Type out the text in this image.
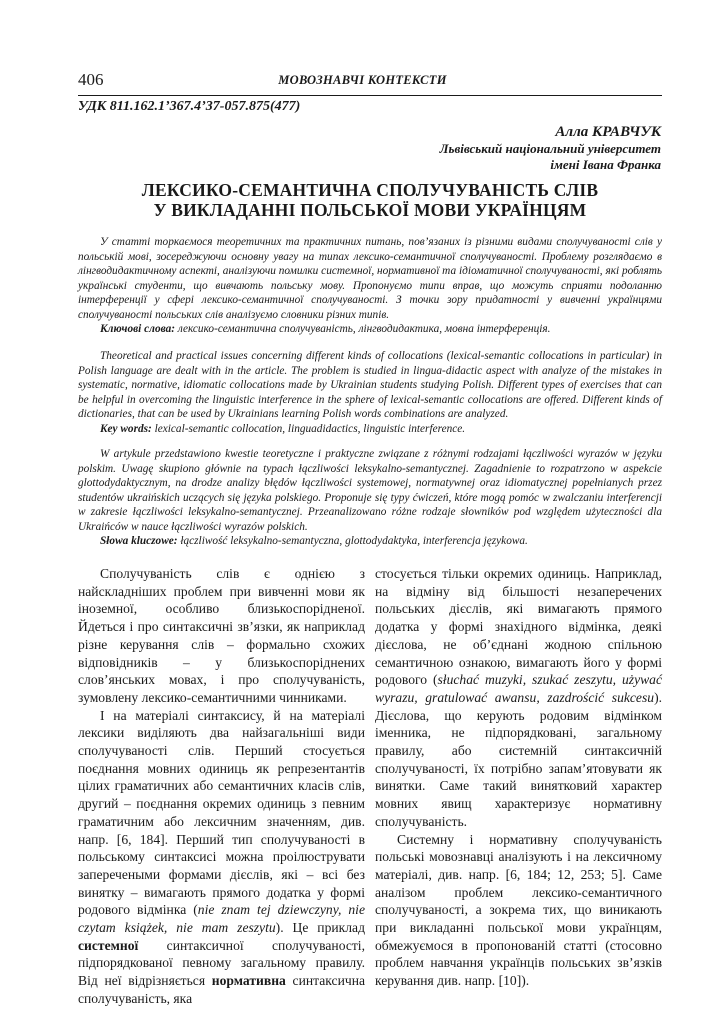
406	МОВОЗНАВЧІ КОНТЕКСТИ
УДК 811.162.1’367.4’37-057.875(477)
Алла КРАВЧУК
Львівський національний університет
імені Івана Франка
ЛЕКСИКО-СЕМАНТИЧНА СПОЛУЧУВАНІСТЬ СЛІВ
У ВИКЛАДАННІ ПОЛЬСЬКОЇ МОВИ УКРАЇНЦЯМ

У статті торкаємося теоретичних та практичних питань, пов’язаних із різними видами сполучуваності слів у польській мові, зосереджуючи основну увагу на типах лексико-семантичної сполучуваності. Проблему розглядаємо в лінгводидактичному аспекті, аналізуючи помилки системної, нормативної та ідіоматичної сполучуваності, які роблять українські студенти, що вивчають польську мову. Пропонуємо типи вправ, що можуть сприяти подоланню інтерференції у сфері лексико-семантичної сполучуваності. З точки зору придатності у вивченні українцями сполучуваності польських слів аналізуємо словники різних типів.

Ключові слова: лексико-семантична сполучуваність, лінгводидактика, мовна інтерференція.

Theoretical and practical issues concerning different kinds of collocations (lexical-semantic collocations in particular) in Polish language are dealt with in the article. The problem is studied in lingua-didactic aspect with analyze of the mistakes in systematic, normative, idiomatic collocations made by Ukrainian students studying Polish. Different types of exercises that can be helpful in overcoming the linguistic interference in the sphere of lexical-semantic collocations are offered. Different kinds of dictionaries, that can be used by Ukrainians learning Polish words combinations are analyzed.

Key words: lexical-semantic collocation, linguadidactics, linguistic interference.

W artykule przedstawiono kwestie teoretyczne i praktyczne związane z różnymi rodzajami łączliwości wyrazów w języku polskim. Uwagę skupiono głównie na typach łączliwości leksykalno-semantycznej. Zagadnienie to rozpatrzono w aspekcie glottodydaktycznym, na drodze analizy błędów łączliwości systemowej, normatywnej oraz idiomatycznej popełnianych przez studentów ukraińskich uczących się języka polskiego. Proponuje się typy ćwiczeń, które mogą pomóc w zwalczaniu interferencji w zakresie łączliwości leksykalno-semantycznej. Przeanalizowano różne rodzaje słowników pod względem użyteczności dla Ukraińców w nauce łączliwości wyrazów polskich.

Słowa kluczowe: łączliwość leksykalno-semantyczna, glottodydaktyka, interferencja językowa.

Сполучуваність слів є однією з найскладніших проблем при вивченні мови як іноземної, особливо близькоспорідненої. Йдеться і про синтаксичні зв’язки, як наприклад різне керування слів – формально схожих відповідників – у близькоспоріднених слов’янських мовах, і про сполучуваність, зумовлену лексико-семантичними чинниками.

І на матеріалі синтаксису, й на матеріалі лексики виділяють два найзагальніші види сполучуваності слів. Перший стосується поєднання мовних одиниць як репрезентантів цілих граматичних або семантичних класів слів, другий – поєднання окремих одиниць з певним граматичним або лексичним значенням, див. напр. [6, 184]. Перший тип сполучуваності в польському синтаксисі можна проілюструвати заперечеными формами дієслів, які – всі без винятку – вимагають прямого додатка у формі родового відмінка (nie znam tej dziewczyny, nie czytam książek, nie mam zeszytu). Це приклад системної синтаксичної сполучуваності, підпорядкованої певному загальному правилу. Від неї відрізняється нормативна синтаксична сполучуваність, яка

стосується тільки окремих одиниць. Наприклад, на відміну від більшості незаперечених польських дієслів, які вимагають прямого додатка у формі знахідного відмінка, деякі дієслова, не об’єднані жодною спільною семантичною ознакою, вимагають його у формі родового (słuchać muzyki, szukać zeszytu, używać wyrazu, gratulować awansu, zazdrościć sukcesu). Дієслова, що керують родовим відмінком іменника, не підпорядковані, загальному правилу, або системній синтаксичній сполучуваності, їх потрібно запам’ятовувати як винятки. Саме такий винятковий характер мовних явищ характеризує нормативну сполучуваність.

Системну і нормативну сполучуваність польські мовознавці аналізують і на лексичному матеріалі, див. напр. [6, 184; 12, 253; 5]. Саме аналізом проблем лексико-семантичного сполучуваності, а зокрема тих, що виникають при викладанні польської мови українцям, обмежуємося в пропонованій статті (стосовно проблем навчання українців польських зв’язків керування див. напр. [10]).
